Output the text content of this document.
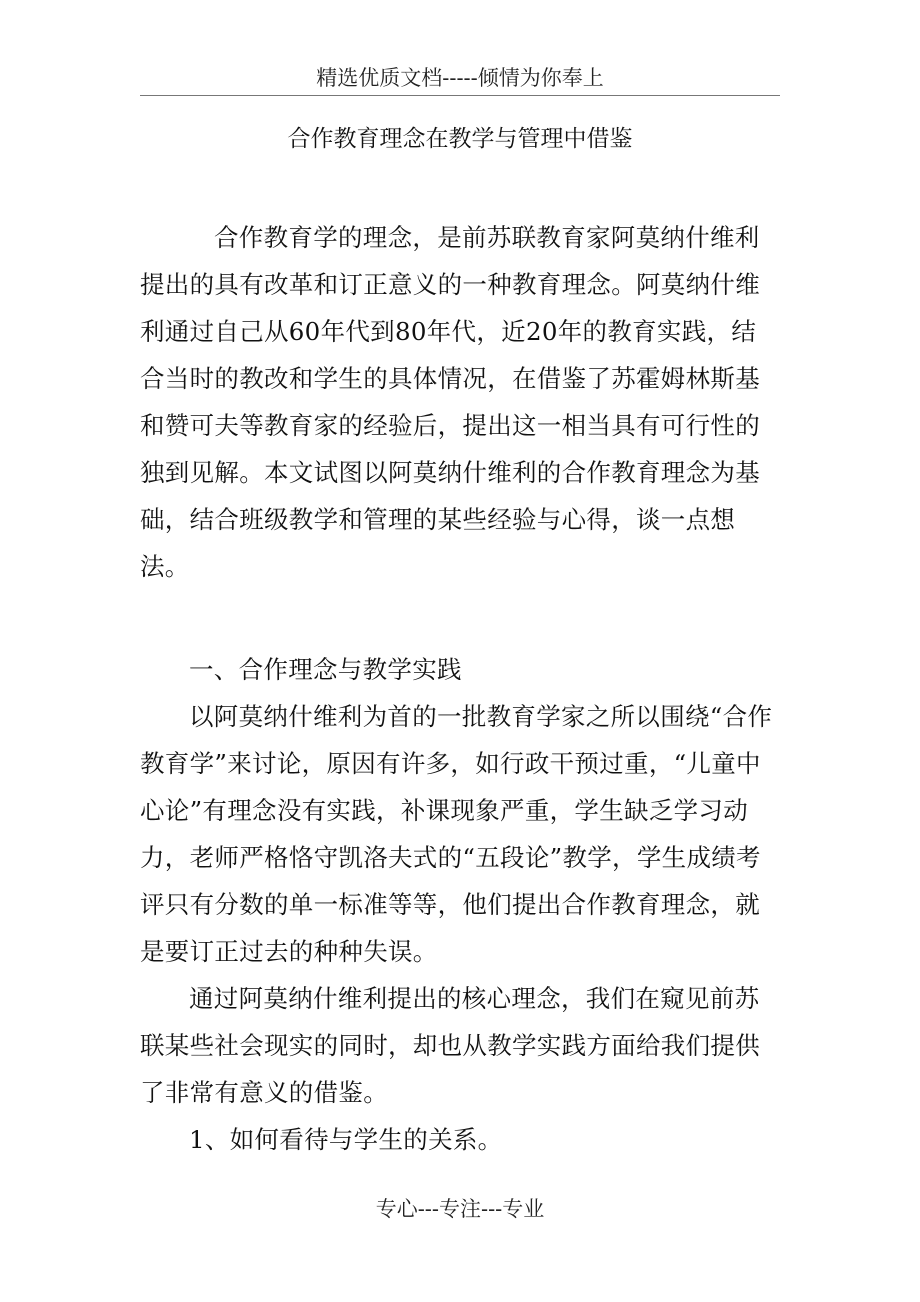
精选优质文档-----倾情为你奉上
合作教育理念在教学与管理中借鉴

合作教育学的理念，是前苏联教育家阿莫纳什维利提出的具有改革和订正意义的一种教育理念。阿莫纳什维利通过自己从60年代到80年代，近20年的教育实践，结合当时的教改和学生的具体情况，在借鉴了苏霍姆林斯基和赞可夫等教育家的经验后，提出这一相当具有可行性的独到见解。本文试图以阿莫纳什维利的合作教育理念为基础，结合班级教学和管理的某些经验与心得，谈一点想法。

一、合作理念与教学实践

以阿莫纳什维利为首的一批教育学家之所以围绕“合作教育学”来讨论，原因有许多，如行政干预过重，“儿童中心论”有理念没有实践，补课现象严重，学生缺乏学习动力，老师严格恪守凯洛夫式的“五段论”教学，学生成绩考评只有分数的单一标准等等，他们提出合作教育理念，就是要订正过去的种种失误。

通过阿莫纳什维利提出的核心理念，我们在窥见前苏联某些社会现实的同时，却也从教学实践方面给我们提供了非常有意义的借鉴。

1、如何看待与学生的关系。

专心---专注---专业
